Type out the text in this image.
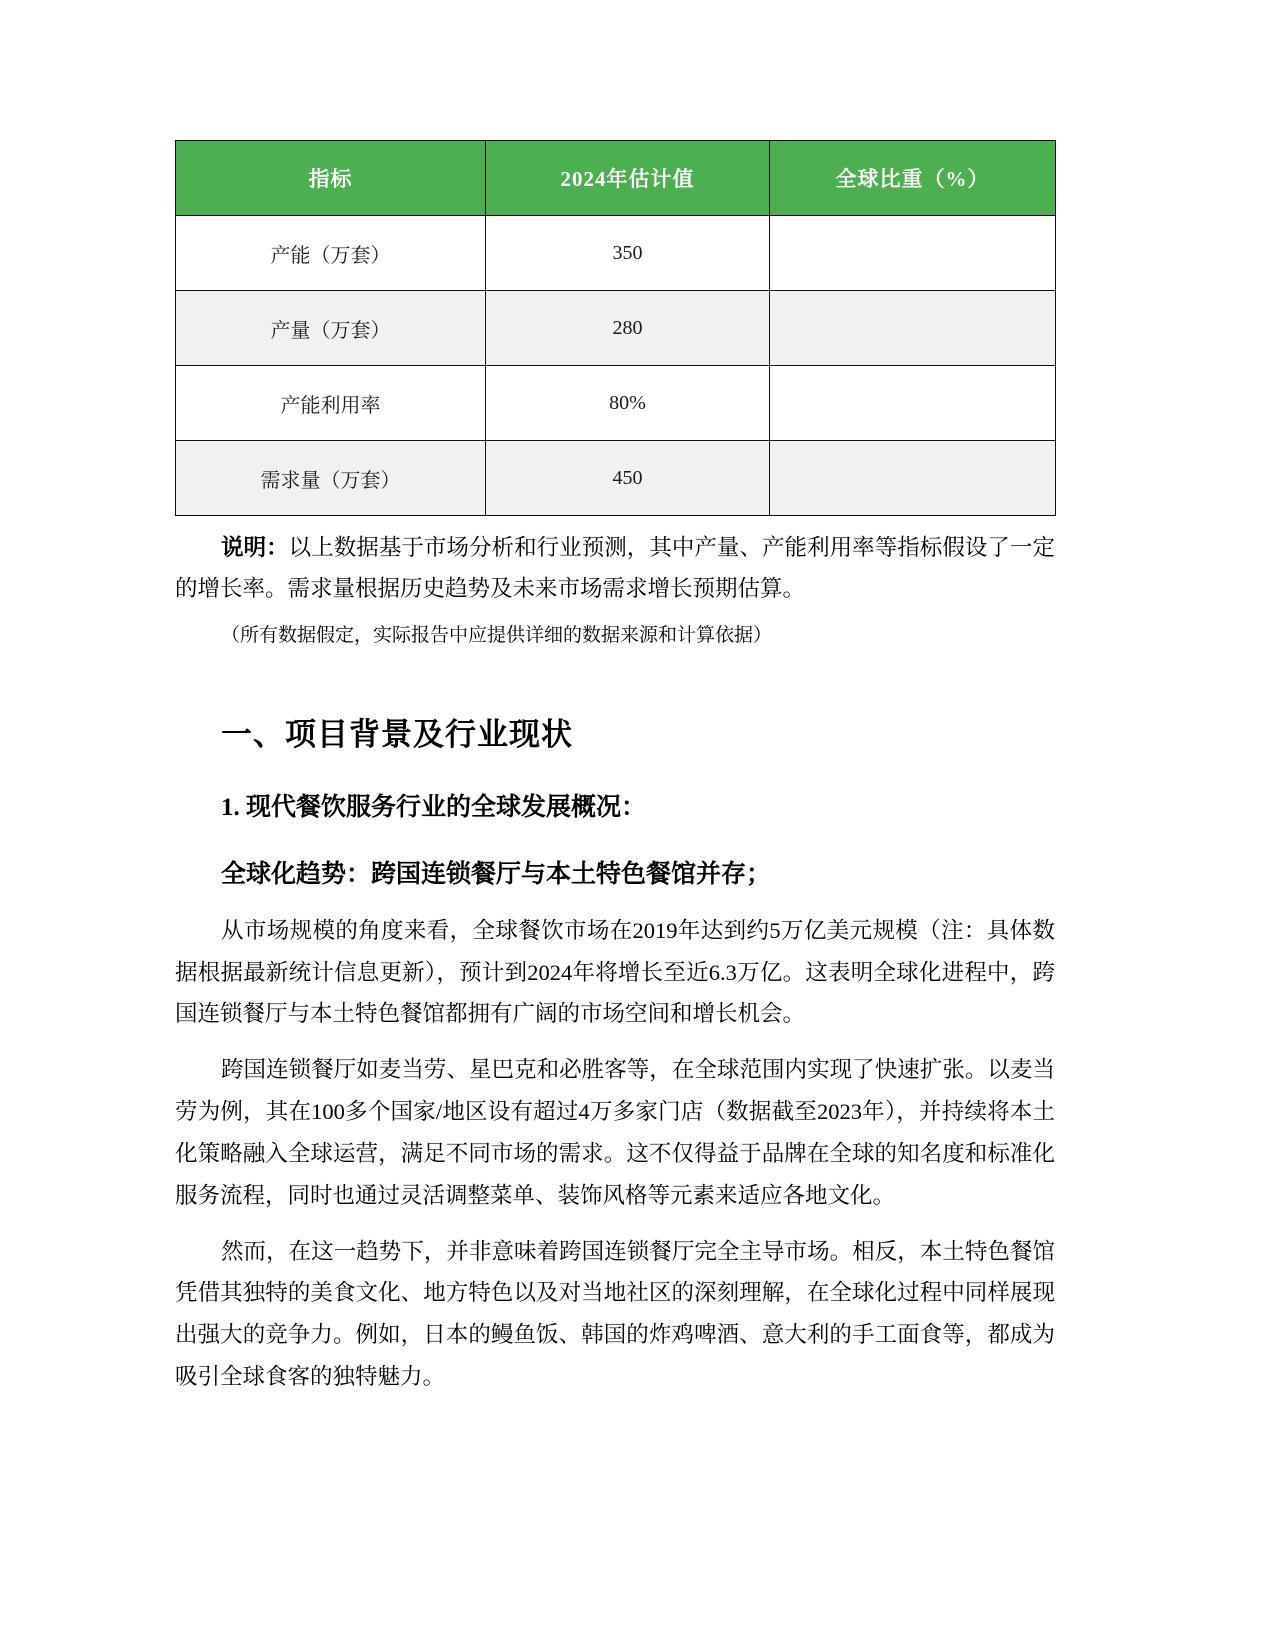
指标	2024年估计值	全球比重（%）
产能（万套）	350	
产量（万套）	280	
产能利用率	80%	
需求量（万套）	450	
说明：以上数据基于市场分析和行业预测，其中产量、产能利用率等指标假设了一定的增长率。需求量根据历史趋势及未来市场需求增长预期估算。
（所有数据假定，实际报告中应提供详细的数据来源和计算依据）
一、项目背景及行业现状
1. 现代餐饮服务行业的全球发展概况：
全球化趋势：跨国连锁餐厅与本土特色餐馆并存；

从市场规模的角度来看，全球餐饮市场在2019年达到约5万亿美元规模（注：具体数据根据最新统计信息更新），预计到2024年将增长至近6.3万亿。这表明全球化进程中，跨国连锁餐厅与本土特色餐馆都拥有广阔的市场空间和增长机会。

跨国连锁餐厅如麦当劳、星巴克和必胜客等，在全球范围内实现了快速扩张。以麦当劳为例，其在100多个国家/地区设有超过4万多家门店（数据截至2023年），并持续将本土化策略融入全球运营，满足不同市场的需求。这不仅得益于品牌在全球的知名度和标准化服务流程，同时也通过灵活调整菜单、装饰风格等元素来适应各地文化。

然而，在这一趋势下，并非意味着跨国连锁餐厅完全主导市场。相反，本土特色餐馆凭借其独特的美食文化、地方特色以及对当地社区的深刻理解，在全球化过程中同样展现出强大的竞争力。例如，日本的鳗鱼饭、韩国的炸鸡啤酒、意大利的手工面食等，都成为吸引全球食客的独特魅力。
